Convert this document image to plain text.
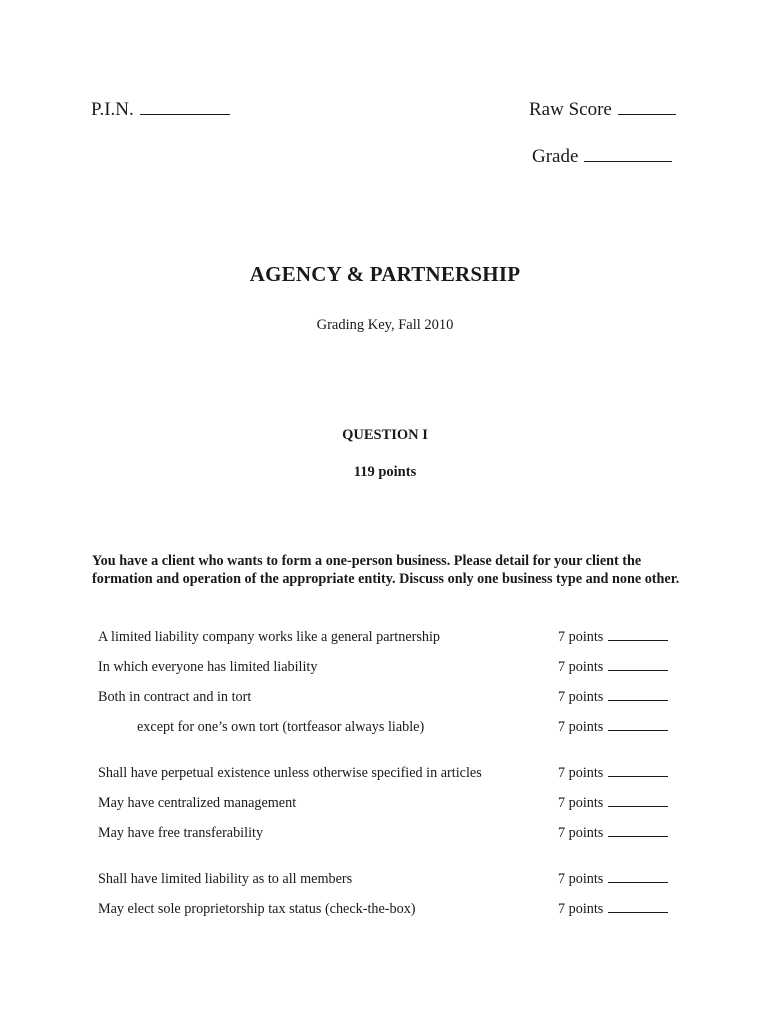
P.I.N.	Raw Score
Grade
AGENCY & PARTNERSHIP
Grading Key, Fall 2010
QUESTION I
119 points
You have a client who wants to form a one-person business. Please detail for your client the formation and operation of the appropriate entity. Discuss only one business type and none other.
A limited liability company works like a general partnership	7 points
In which everyone has limited liability	7 points
Both in contract and in tort	7 points
except for one’s own tort (tortfeasor always liable)	7 points
Shall have perpetual existence unless otherwise specified in articles	7 points
May have centralized management	7 points
May have free transferability	7 points
Shall have limited liability as to all members	7 points
May elect sole proprietorship tax status (check-the-box)	7 points
